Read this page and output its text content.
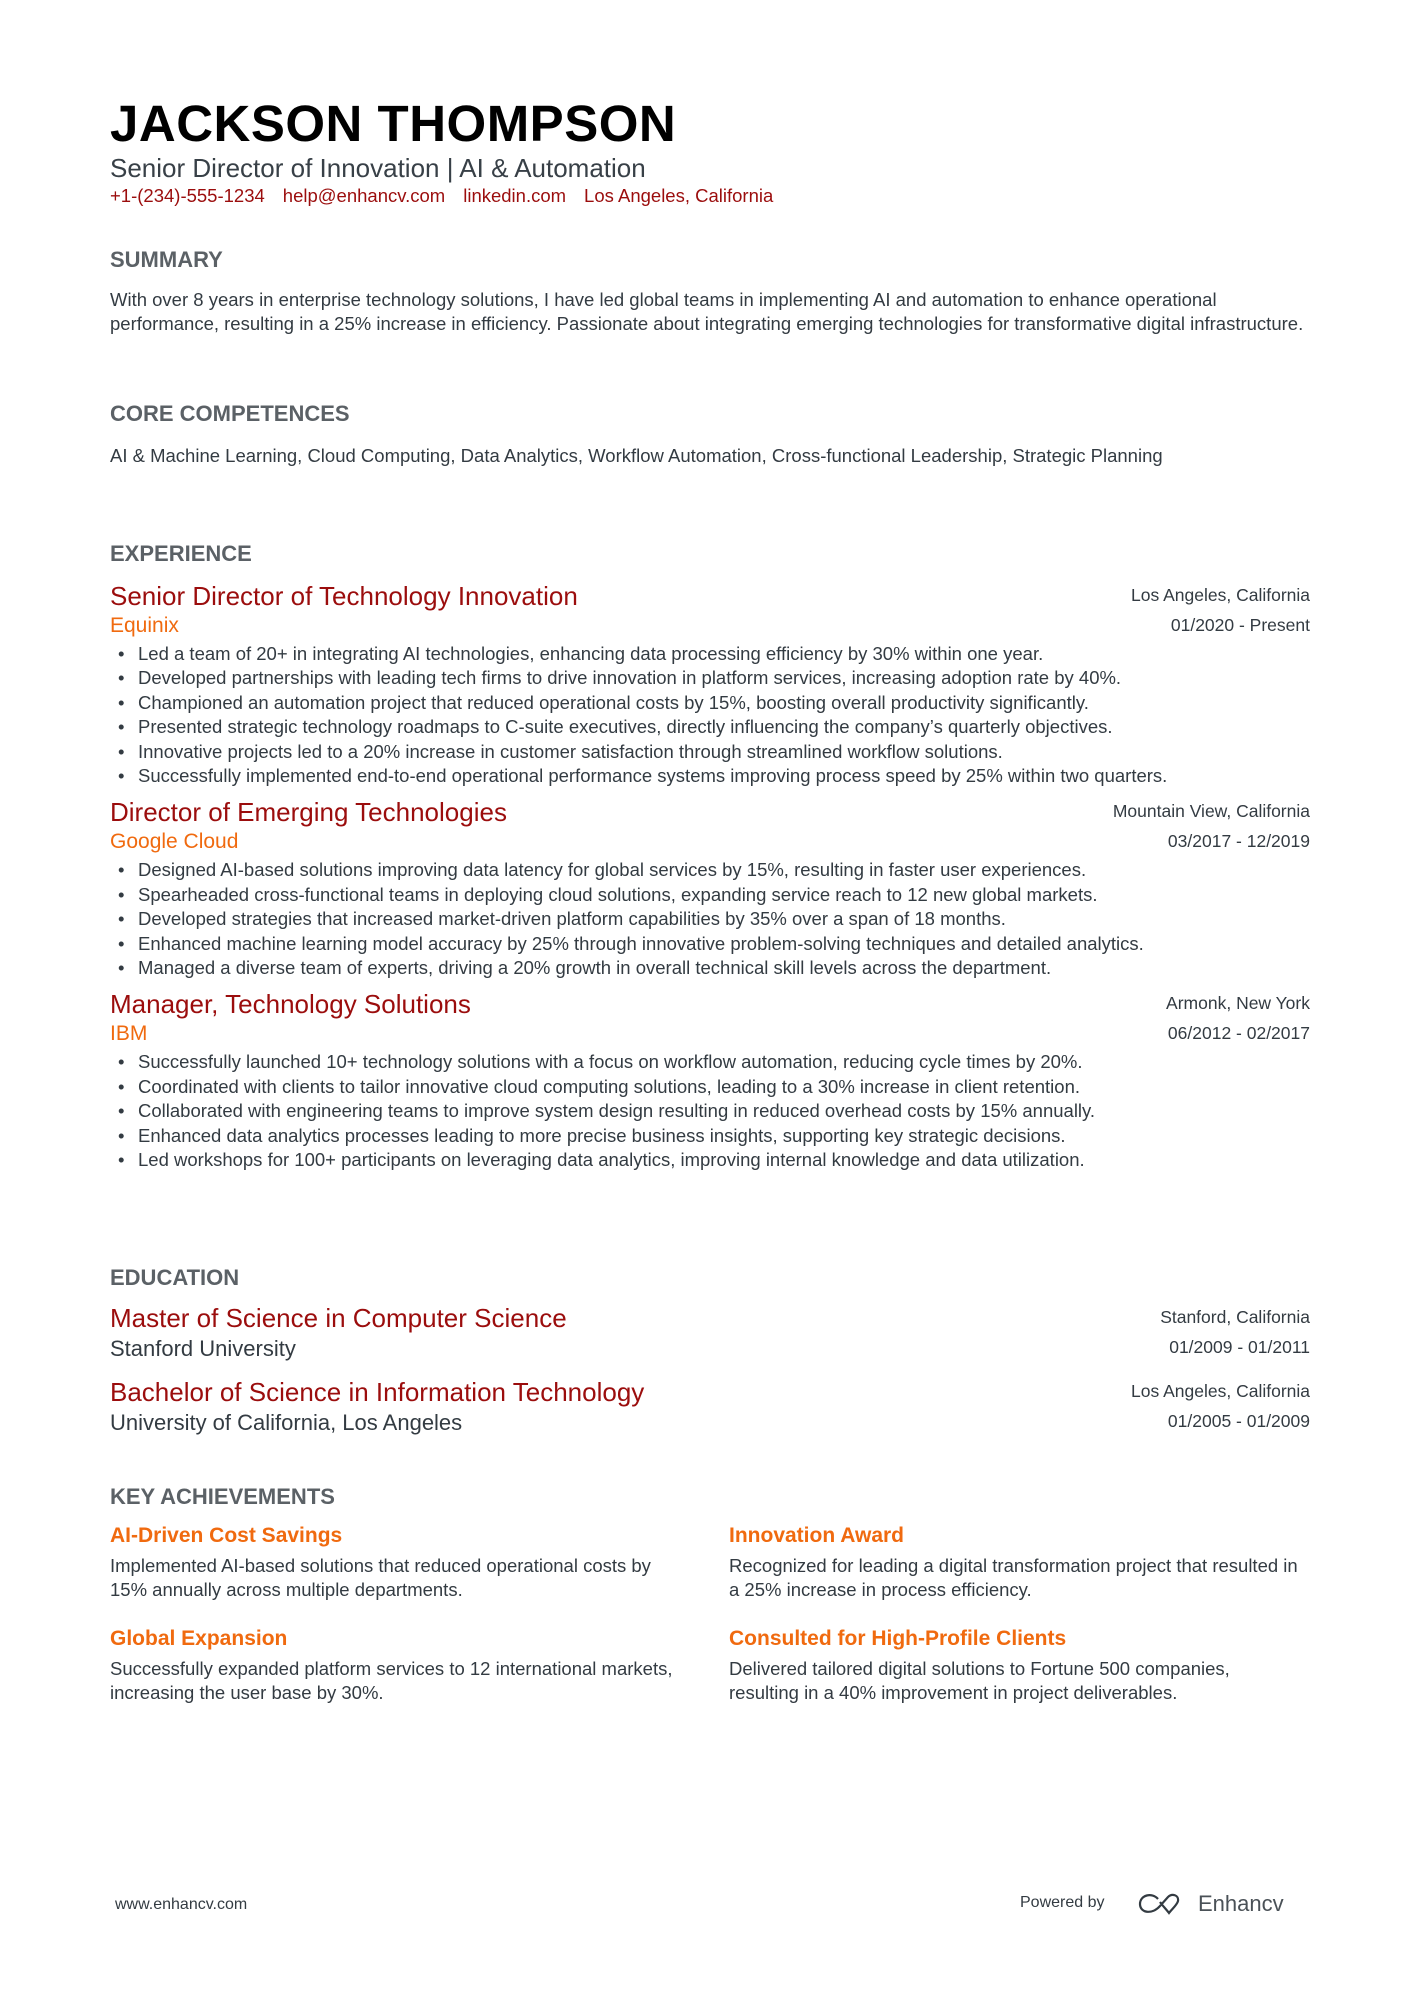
JACKSON THOMPSON
Senior Director of Innovation | AI & Automation
+1-(234)-555-1234 help@enhancv.com linkedin.com Los Angeles, California
SUMMARY
With over 8 years in enterprise technology solutions, I have led global teams in implementing AI and automation to enhance operational performance, resulting in a 25% increase in efficiency. Passionate about integrating emerging technologies for transformative digital infrastructure.
CORE COMPETENCES
AI & Machine Learning, Cloud Computing, Data Analytics, Workflow Automation, Cross-functional Leadership, Strategic Planning
EXPERIENCE
Senior Director of Technology Innovation
Equinix
Los Angeles, California
01/2020 - Present
• Led a team of 20+ in integrating AI technologies, enhancing data processing efficiency by 30% within one year.
• Developed partnerships with leading tech firms to drive innovation in platform services, increasing adoption rate by 40%.
• Championed an automation project that reduced operational costs by 15%, boosting overall productivity significantly.
• Presented strategic technology roadmaps to C-suite executives, directly influencing the company’s quarterly objectives.
• Innovative projects led to a 20% increase in customer satisfaction through streamlined workflow solutions.
• Successfully implemented end-to-end operational performance systems improving process speed by 25% within two quarters.
Director of Emerging Technologies
Google Cloud
Mountain View, California
03/2017 - 12/2019
• Designed AI-based solutions improving data latency for global services by 15%, resulting in faster user experiences.
• Spearheaded cross-functional teams in deploying cloud solutions, expanding service reach to 12 new global markets.
• Developed strategies that increased market-driven platform capabilities by 35% over a span of 18 months.
• Enhanced machine learning model accuracy by 25% through innovative problem-solving techniques and detailed analytics.
• Managed a diverse team of experts, driving a 20% growth in overall technical skill levels across the department.
Manager, Technology Solutions
IBM
Armonk, New York
06/2012 - 02/2017
• Successfully launched 10+ technology solutions with a focus on workflow automation, reducing cycle times by 20%.
• Coordinated with clients to tailor innovative cloud computing solutions, leading to a 30% increase in client retention.
• Collaborated with engineering teams to improve system design resulting in reduced overhead costs by 15% annually.
• Enhanced data analytics processes leading to more precise business insights, supporting key strategic decisions.
• Led workshops for 100+ participants on leveraging data analytics, improving internal knowledge and data utilization.
EDUCATION
Master of Science in Computer Science
Stanford University
Stanford, California
01/2009 - 01/2011
Bachelor of Science in Information Technology
University of California, Los Angeles
Los Angeles, California
01/2005 - 01/2009
KEY ACHIEVEMENTS
AI-Driven Cost Savings
Implemented AI-based solutions that reduced operational costs by 15% annually across multiple departments.
Innovation Award
Recognized for leading a digital transformation project that resulted in a 25% increase in process efficiency.
Global Expansion
Successfully expanded platform services to 12 international markets, increasing the user base by 30%.
Consulted for High-Profile Clients
Delivered tailored digital solutions to Fortune 500 companies, resulting in a 40% improvement in project deliverables.
www.enhancv.com	Powered by	Enhancv
